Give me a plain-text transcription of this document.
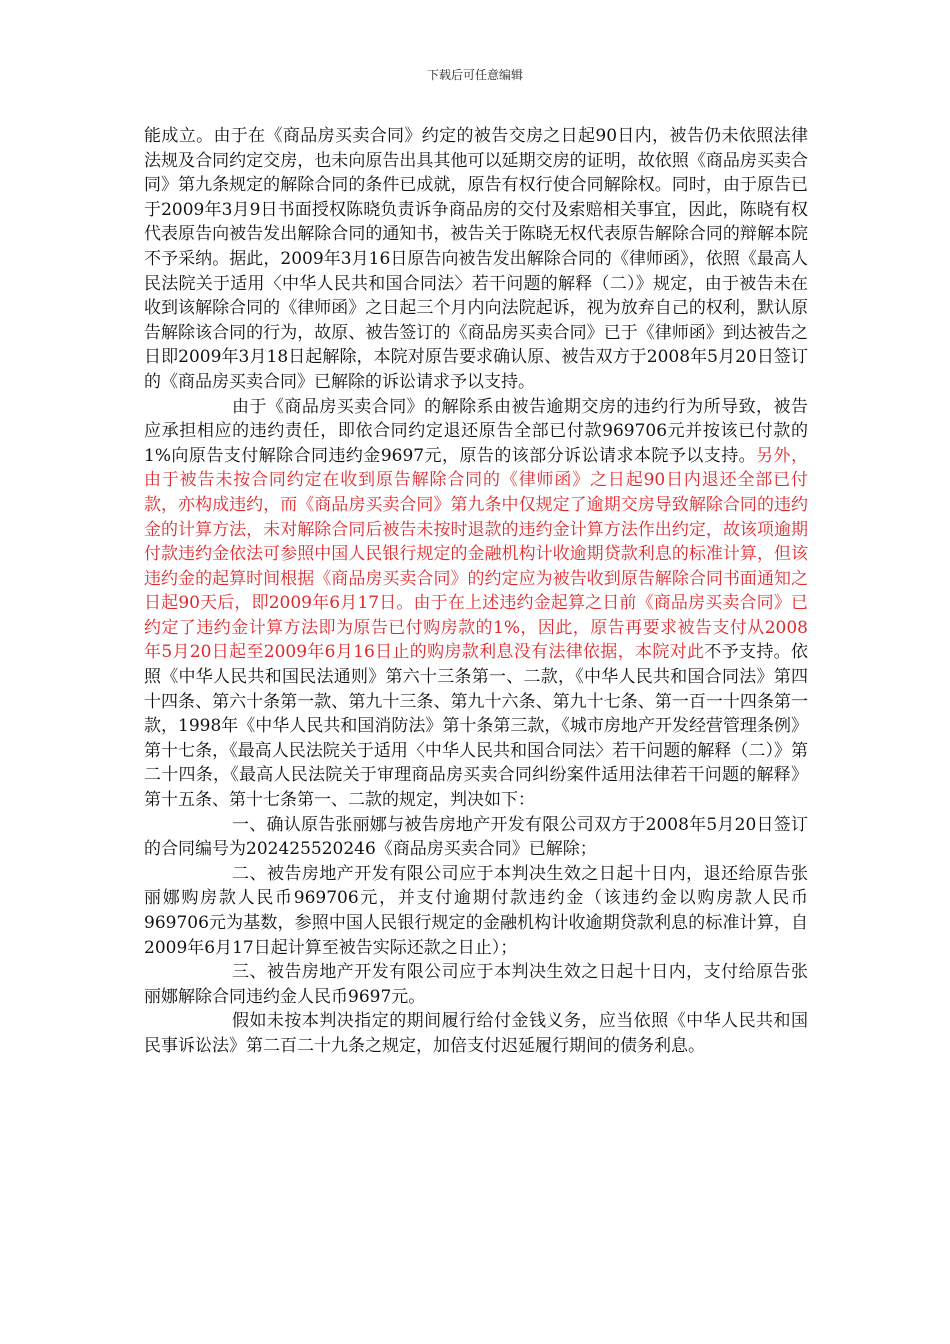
下载后可任意编辑

能成立。由于在《商品房买卖合同》约定的被告交房之日起90日内，被告仍未依照法律法规及合同约定交房，也未向原告出具其他可以延期交房的证明，故依照《商品房买卖合同》第九条规定的解除合同的条件已成就，原告有权行使合同解除权。同时，由于原告已于2009年3月9日书面授权陈晓负责诉争商品房的交付及索赔相关事宜，因此，陈晓有权代表原告向被告发出解除合同的通知书，被告关于陈晓无权代表原告解除合同的辩解本院不予采纳。据此，2009年3月16日原告向被告发出解除合同的《律师函》，依照《最高人民法院关于适用〈中华人民共和国合同法〉若干问题的解释（二）》规定，由于被告未在收到该解除合同的《律师函》之日起三个月内向法院起诉，视为放弃自己的权利，默认原告解除该合同的行为，故原、被告签订的《商品房买卖合同》已于《律师函》到达被告之日即2009年3月18日起解除，本院对原告要求确认原、被告双方于2008年5月20日签订的《商品房买卖合同》已解除的诉讼请求予以支持。

由于《商品房买卖合同》的解除系由被告逾期交房的违约行为所导致，被告应承担相应的违约责任，即依合同约定退还原告全部已付款969706元并按该已付款的1%向原告支付解除合同违约金9697元，原告的该部分诉讼请求本院予以支持。另外，由于被告未按合同约定在收到原告解除合同的《律师函》之日起90日内退还全部已付款，亦构成违约，而《商品房买卖合同》第九条中仅规定了逾期交房导致解除合同的违约金的计算方法，未对解除合同后被告未按时退款的违约金计算方法作出约定，故该项逾期付款违约金依法可参照中国人民银行规定的金融机构计收逾期贷款利息的标准计算，但该违约金的起算时间根据《商品房买卖合同》的约定应为被告收到原告解除合同书面通知之日起90天后，即2009年6月17日。由于在上述违约金起算之日前《商品房买卖合同》已约定了违约金计算方法即为原告已付购房款的1%，因此，原告再要求被告支付从2008年5月20日起至2009年6月16日止的购房款利息没有法律依据，本院对此不予支持。依照《中华人民共和国民法通则》第六十三条第一、二款，《中华人民共和国合同法》第四十四条、第六十条第一款、第九十三条、第九十六条、第九十七条、第一百一十四条第一款，1998年《中华人民共和国消防法》第十条第三款，《城市房地产开发经营管理条例》第十七条，《最高人民法院关于适用〈中华人民共和国合同法〉若干问题的解释（二）》第二十四条，《最高人民法院关于审理商品房买卖合同纠纷案件适用法律若干问题的解释》第十五条、第十七条第一、二款的规定，判决如下：

一、确认原告张丽娜与被告房地产开发有限公司双方于2008年5月20日签订的合同编号为202425520246《商品房买卖合同》已解除；

二、被告房地产开发有限公司应于本判决生效之日起十日内，退还给原告张丽娜购房款人民币969706元，并支付逾期付款违约金（该违约金以购房款人民币969706元为基数，参照中国人民银行规定的金融机构计收逾期贷款利息的标准计算，自2009年6月17日起计算至被告实际还款之日止）；

三、被告房地产开发有限公司应于本判决生效之日起十日内，支付给原告张丽娜解除合同违约金人民币9697元。

假如未按本判决指定的期间履行给付金钱义务，应当依照《中华人民共和国民事诉讼法》第二百二十九条之规定，加倍支付迟延履行期间的债务利息。
